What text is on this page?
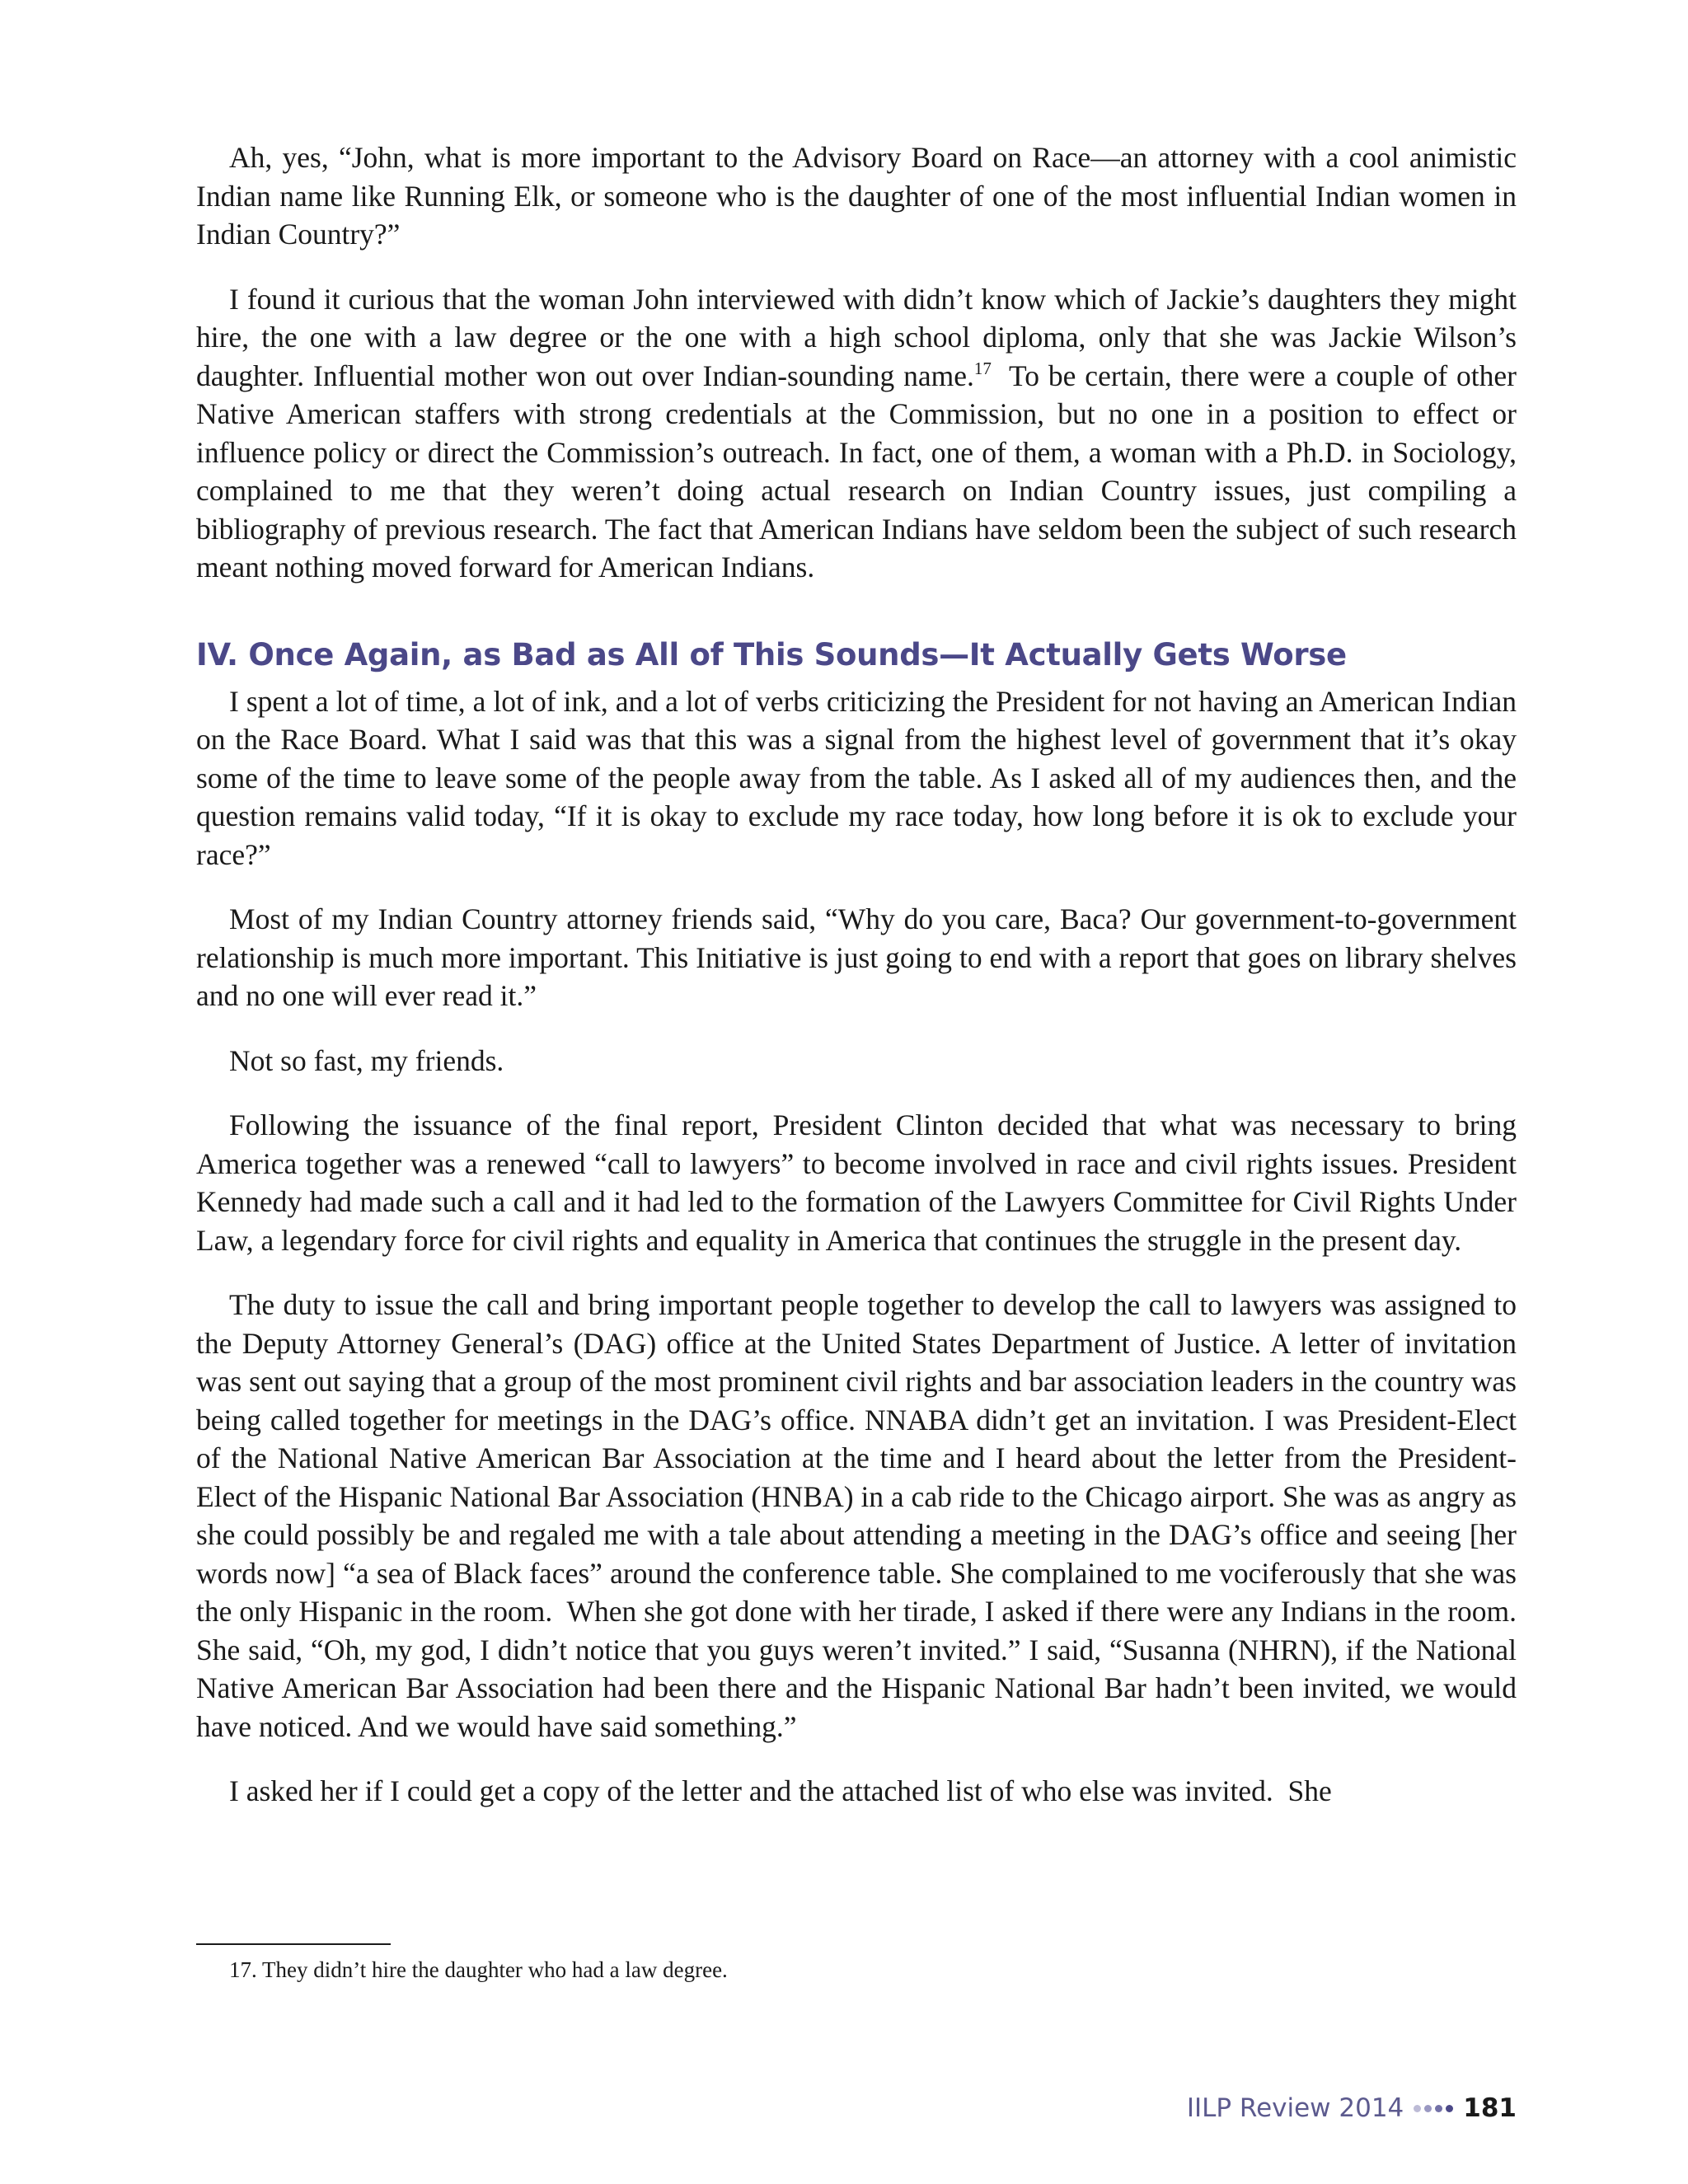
Ah, yes, “John, what is more important to the Advisory Board on Race—an attorney with a cool animistic Indian name like Running Elk, or someone who is the daughter of one of the most influential Indian women in Indian Country?”

I found it curious that the woman John interviewed with didn’t know which of Jackie’s daughters they might hire, the one with a law degree or the one with a high school diploma, only that she was Jackie Wilson’s daughter. Influential mother won out over Indian-sounding name.$^{17}$  To be certain, there were a couple of other Native American staffers with strong credentials at the Commission, but no one in a position to effect or influence policy or direct the Commission’s outreach. In fact, one of them, a woman with a Ph.D. in Sociology, complained to me that they weren’t doing actual research on Indian Country issues, just compiling a bibliography of previous research. The fact that American Indians have seldom been the subject of such research meant nothing moved forward for American Indians.

IV. Once Again, as Bad as All of This Sounds—It Actually Gets Worse

I spent a lot of time, a lot of ink, and a lot of verbs criticizing the President for not having an American Indian on the Race Board. What I said was that this was a signal from the highest level of government that it’s okay some of the time to leave some of the people away from the table. As I asked all of my audiences then, and the question remains valid today, “If it is okay to exclude my race today, how long before it is ok to exclude your race?”

Most of my Indian Country attorney friends said, “Why do you care, Baca? Our government-to-government relationship is much more important. This Initiative is just going to end with a report that goes on library shelves and no one will ever read it.”

Not so fast, my friends.

Following the issuance of the final report, President Clinton decided that what was necessary to bring America together was a renewed “call to lawyers” to become involved in race and civil rights issues. President Kennedy had made such a call and it had led to the formation of the Lawyers Committee for Civil Rights Under Law, a legendary force for civil rights and equality in America that continues the struggle in the present day.

The duty to issue the call and bring important people together to develop the call to lawyers was assigned to the Deputy Attorney General’s (DAG) office at the United States Department of Justice. A letter of invitation was sent out saying that a group of the most prominent civil rights and bar association leaders in the country was being called together for meetings in the DAG’s office. NNABA didn’t get an invitation. I was President-Elect of the National Native American Bar Association at the time and I heard about the letter from the President-Elect of the Hispanic National Bar Association (HNBA) in a cab ride to the Chicago airport. She was as angry as she could possibly be and regaled me with a tale about attending a meeting in the DAG’s office and seeing [her words now] “a sea of Black faces” around the conference table. She complained to me vociferously that she was the only Hispanic in the room.  When she got done with her tirade, I asked if there were any Indians in the room. She said, “Oh, my god, I didn’t notice that you guys weren’t invited.” I said, “Susanna (NHRN), if the National Native American Bar Association had been there and the Hispanic National Bar hadn’t been invited, we would have noticed. And we would have said something.”

I asked her if I could get a copy of the letter and the attached list of who else was invited.  She

17. They didn’t hire the daughter who had a law degree.
IILP Review 2014 181
